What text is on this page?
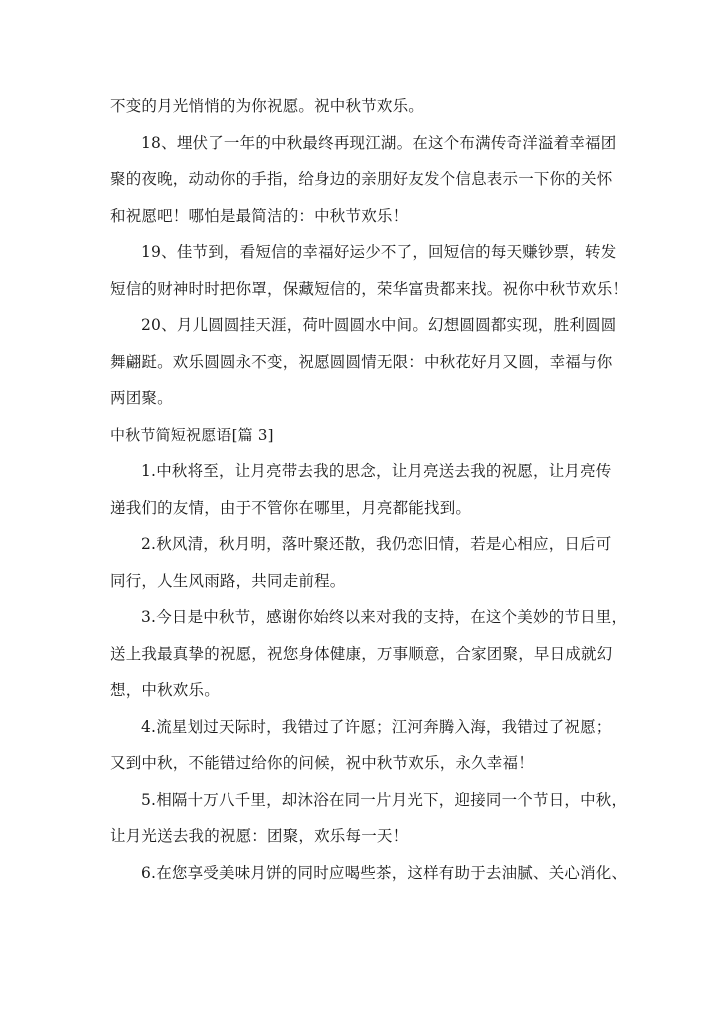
不变的月光悄悄的为你祝愿。祝中秋节欢乐。
18、埋伏了一年的中秋最终再现江湖。在这个布满传奇洋溢着幸福团
聚的夜晚，动动你的手指，给身边的亲朋好友发个信息表示一下你的关怀
和祝愿吧！哪怕是最简洁的：中秋节欢乐！
19、佳节到，看短信的幸福好运少不了，回短信的每天赚钞票，转发
短信的财神时时把你罩，保藏短信的，荣华富贵都来找。祝你中秋节欢乐！
20、月儿圆圆挂天涯，荷叶圆圆水中间。幻想圆圆都实现，胜利圆圆
舞翩跹。欢乐圆圆永不变，祝愿圆圆情无限：中秋花好月又圆，幸福与你
两团聚。
中秋节简短祝愿语[篇 3]
1.中秋将至，让月亮带去我的思念，让月亮送去我的祝愿，让月亮传
递我们的友情，由于不管你在哪里，月亮都能找到。
2.秋风清，秋月明，落叶聚还散，我仍恋旧情，若是心相应，日后可
同行，人生风雨路，共同走前程。
3.今日是中秋节，感谢你始终以来对我的支持，在这个美妙的节日里，
送上我最真挚的祝愿，祝您身体健康，万事顺意，合家团聚，早日成就幻
想，中秋欢乐。
4.流星划过天际时，我错过了许愿；江河奔腾入海，我错过了祝愿；
又到中秋，不能错过给你的问候，祝中秋节欢乐，永久幸福！
5.相隔十万八千里，却沐浴在同一片月光下，迎接同一个节日，中秋，
让月光送去我的祝愿：团聚，欢乐每一天！
6.在您享受美味月饼的同时应喝些茶，这样有助于去油腻、关心消化、
